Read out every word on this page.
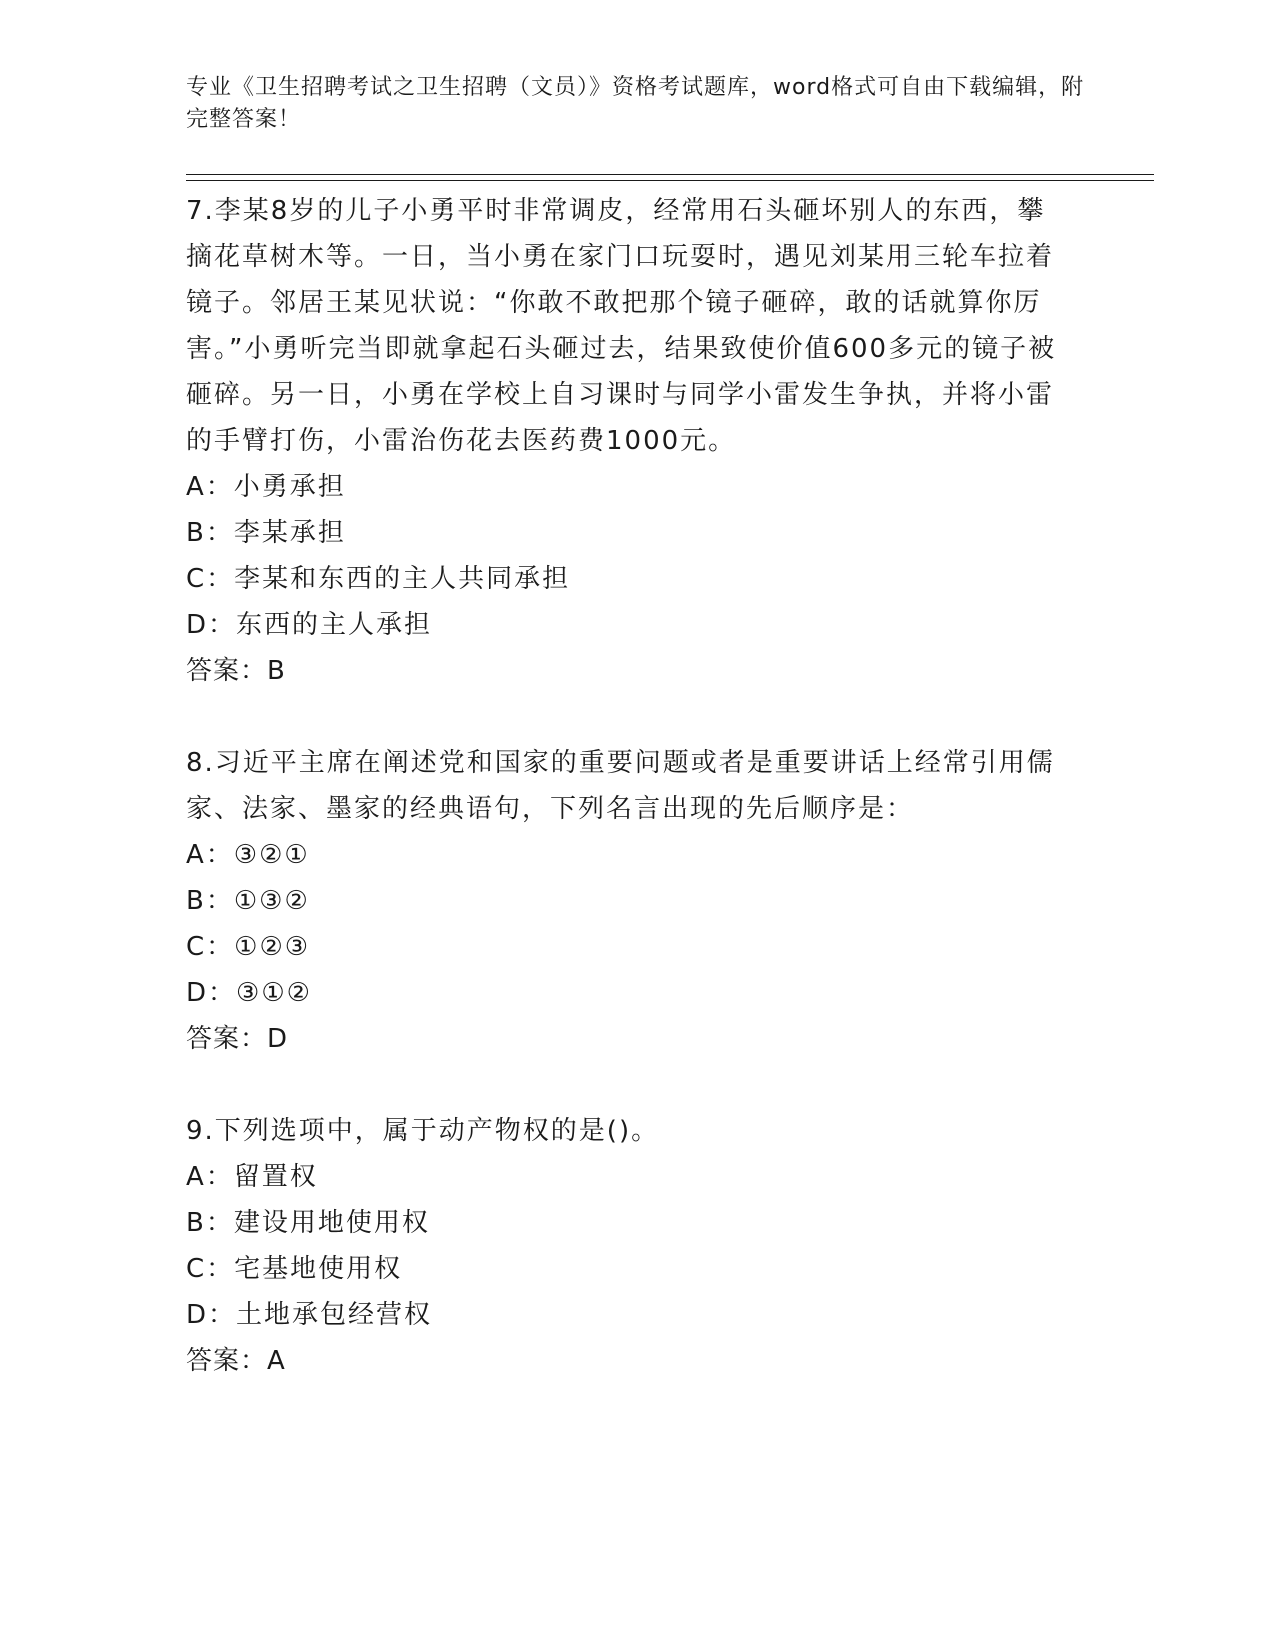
专业《卫生招聘考试之卫生招聘（文员）》资格考试题库，word格式可自由下载编辑，附完整答案！

7.李某8岁的儿子小勇平时非常调皮，经常用石头砸坏别人的东西，攀摘花草树木等。一日，当小勇在家门口玩耍时，遇见刘某用三轮车拉着镜子。邻居王某见状说：“你敢不敢把那个镜子砸碎，敢的话就算你厉害。”小勇听完当即就拿起石头砸过去，结果致使价值600多元的镜子被砸碎。另一日，小勇在学校上自习课时与同学小雷发生争执，并将小雷的手臂打伤，小雷治伤花去医药费1000元。

A：小勇承担

B：李某承担

C：李某和东西的主人共同承担

D：东西的主人承担

答案：B

8.习近平主席在阐述党和国家的重要问题或者是重要讲话上经常引用儒家、法家、墨家的经典语句，下列名言出现的先后顺序是：

A：③②①

B：①③②

C：①②③

D：③①②

答案：D

9.下列选项中，属于动产物权的是()。

A：留置权

B：建设用地使用权

C：宅基地使用权

D：土地承包经营权

答案：A
